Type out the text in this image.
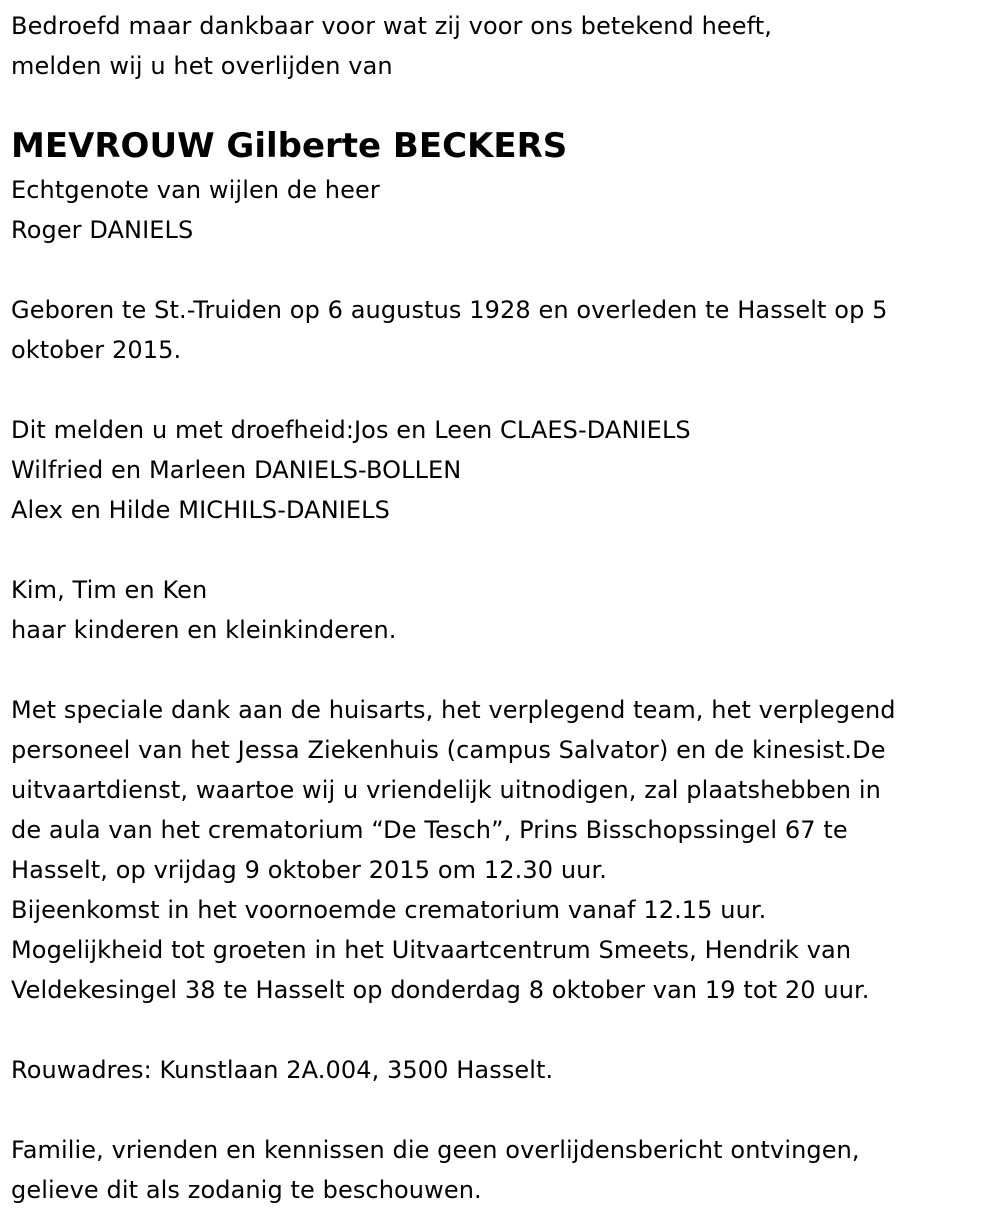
Bedroefd maar dankbaar voor wat zij voor ons betekend heeft,
melden wij u het overlijden van
MEVROUW Gilberte BECKERS
Echtgenote van wijlen de heer
Roger DANIELS
Geboren te St.-Truiden op 6 augustus 1928 en overleden te Hasselt op 5
oktober 2015.
Dit melden u met droefheid:Jos en Leen CLAES-DANIELS
Wilfried en Marleen DANIELS-BOLLEN
Alex en Hilde MICHILS-DANIELS
Kim, Tim en Ken
haar kinderen en kleinkinderen.
Met speciale dank aan de huisarts, het verplegend team, het verplegend
personeel van het Jessa Ziekenhuis (campus Salvator) en de kinesist.De
uitvaartdienst, waartoe wij u vriendelijk uitnodigen, zal plaatshebben in
de aula van het crematorium “De Tesch”, Prins Bisschopssingel 67 te
Hasselt, op vrijdag 9 oktober 2015 om 12.30 uur.
Bijeenkomst in het voornoemde crematorium vanaf 12.15 uur.
Mogelijkheid tot groeten in het Uitvaartcentrum Smeets, Hendrik van
Veldekesingel 38 te Hasselt op donderdag 8 oktober van 19 tot 20 uur.
Rouwadres: Kunstlaan 2A.004, 3500 Hasselt.
Familie, vrienden en kennissen die geen overlijdensbericht ontvingen,
gelieve dit als zodanig te beschouwen.
